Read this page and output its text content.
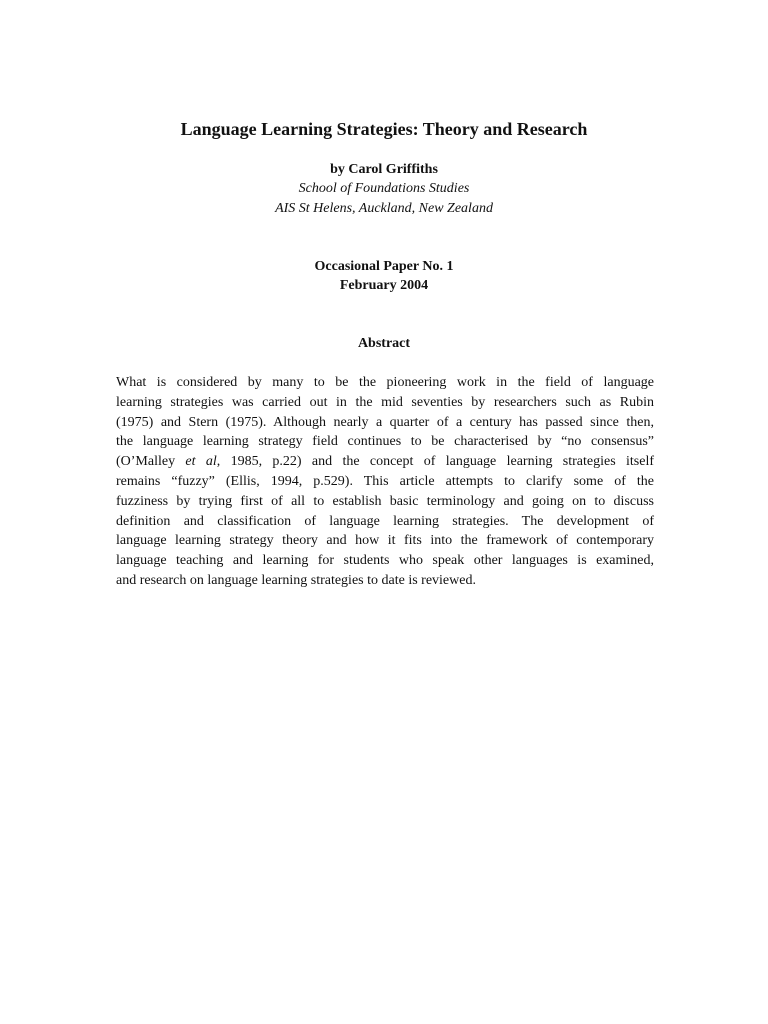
Language Learning Strategies: Theory and Research
by Carol Griffiths
School of Foundations Studies
AIS St Helens, Auckland, New Zealand
Occasional Paper No. 1
February 2004
Abstract
What is considered by many to be the pioneering work in the field of language
learning strategies was carried out in the mid seventies by researchers such as Rubin
(1975) and Stern (1975). Although nearly a quarter of a century has passed since then,
the language learning strategy field continues to be characterised by “no consensus”
(O’Malley et al, 1985, p.22) and the concept of language learning strategies itself
remains “fuzzy” (Ellis, 1994, p.529). This article attempts to clarify some of the
fuzziness by trying first of all to establish basic terminology and going on to discuss
definition and classification of language learning strategies. The development of
language learning strategy theory and how it fits into the framework of contemporary
language teaching and learning for students who speak other languages is examined,
and research on language learning strategies to date is reviewed.
